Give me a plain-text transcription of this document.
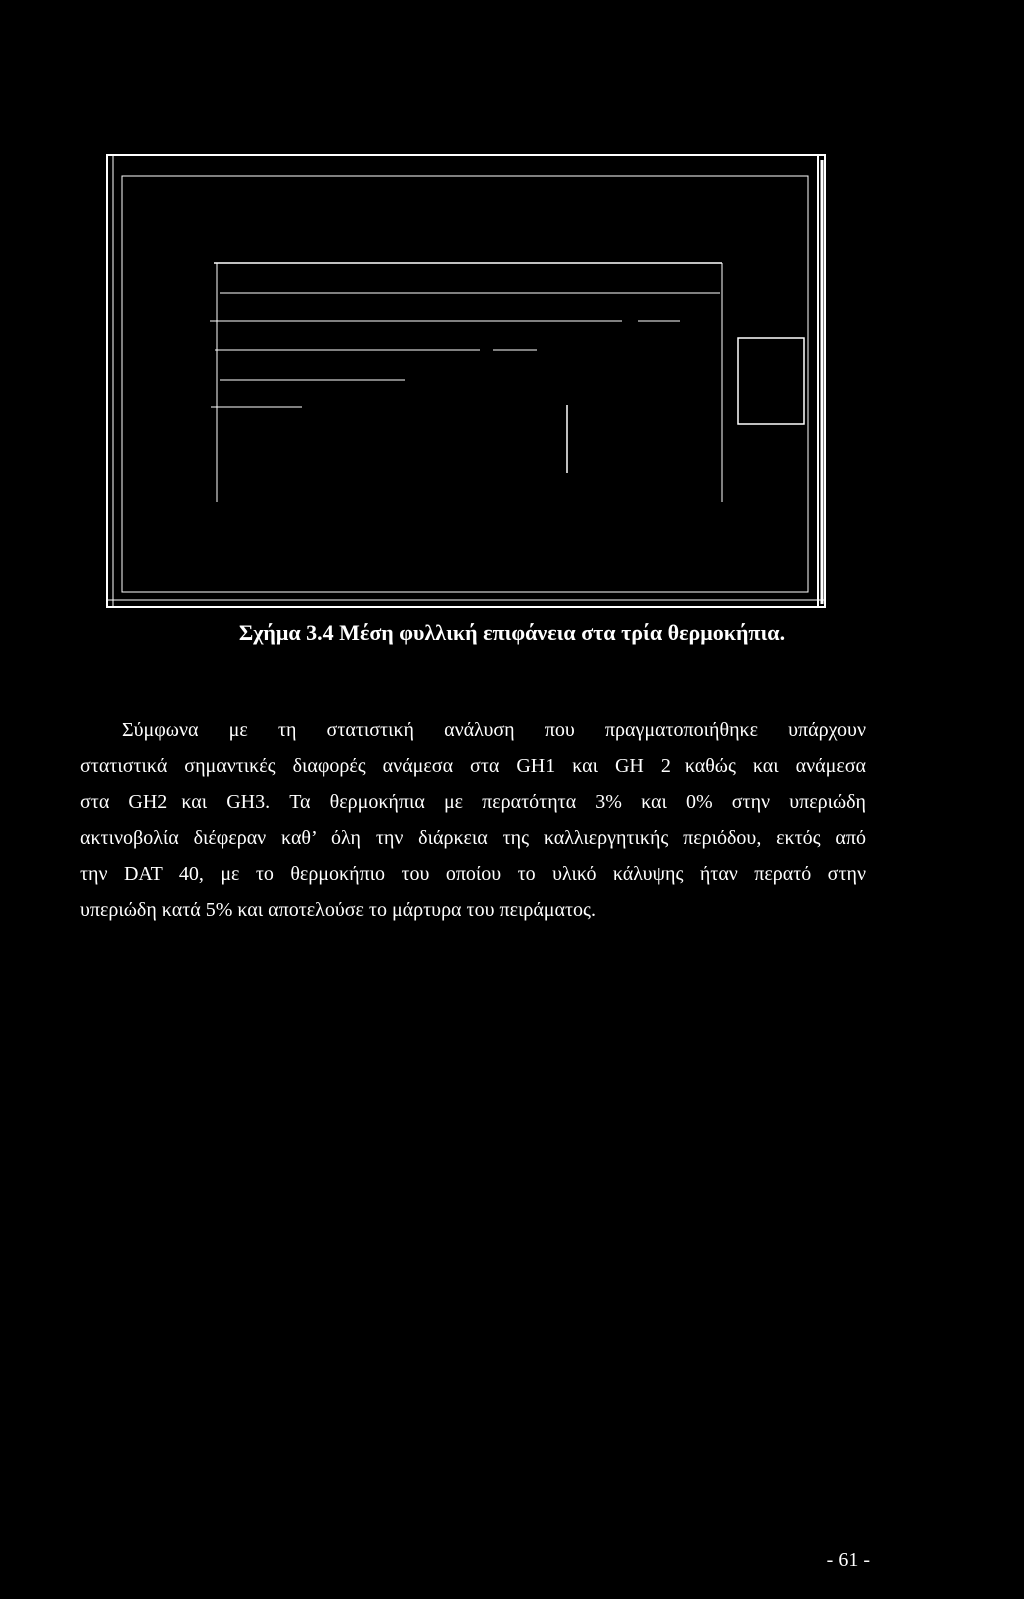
Σχήμα 3.4 Μέση φυλλική επιφάνεια στα τρία θερμοκήπια.

Σύμφωνα με τη στατιστική ανάλυση που πραγματοποιήθηκε υπάρχουν
στατιστικά σημαντικές διαφορές ανάμεσα στα GH1 και GH 2 καθώς και ανάμεσα
στα GH2 και GH3. Τα θερμοκήπια με περατότητα 3% και 0% στην υπεριώδη
ακτινοβολία διέφεραν καθ’ όλη την διάρκεια της καλλιεργητικής περιόδου, εκτός από
την DAT 40, με το θερμοκήπιο του οποίου το υλικό κάλυψης ήταν περατό στην
υπεριώδη κατά 5% και αποτελούσε το μάρτυρα του πειράματος.

- 61 -
